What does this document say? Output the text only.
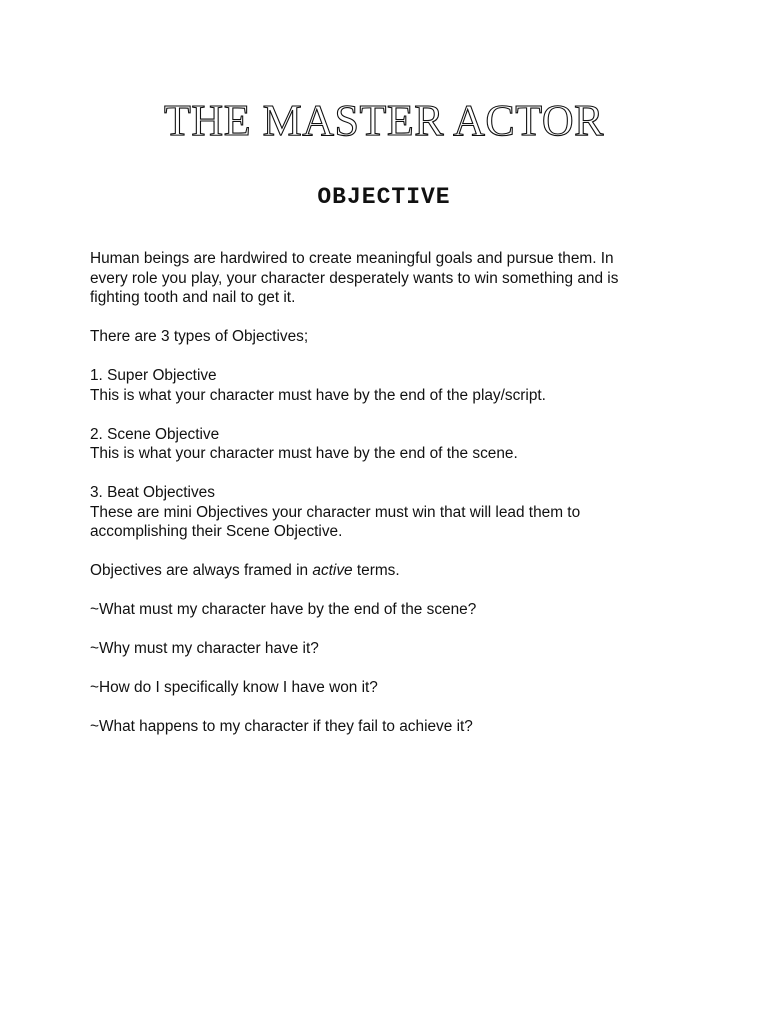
THE MASTER ACTOR
OBJECTIVE

Human beings are hardwired to create meaningful goals and pursue them. In
every role you play, your character desperately wants to win something and is
fighting tooth and nail to get it.

There are 3 types of Objectives;

1. Super Objective
This is what your character must have by the end of the play/script.

2. Scene Objective
This is what your character must have by the end of the scene.

3. Beat Objectives
These are mini Objectives your character must win that will lead them to
accomplishing their Scene Objective.

Objectives are always framed in active terms.

~What must my character have by the end of the scene?

~Why must my character have it?

~How do I specifically know I have won it?

~What happens to my character if they fail to achieve it?
